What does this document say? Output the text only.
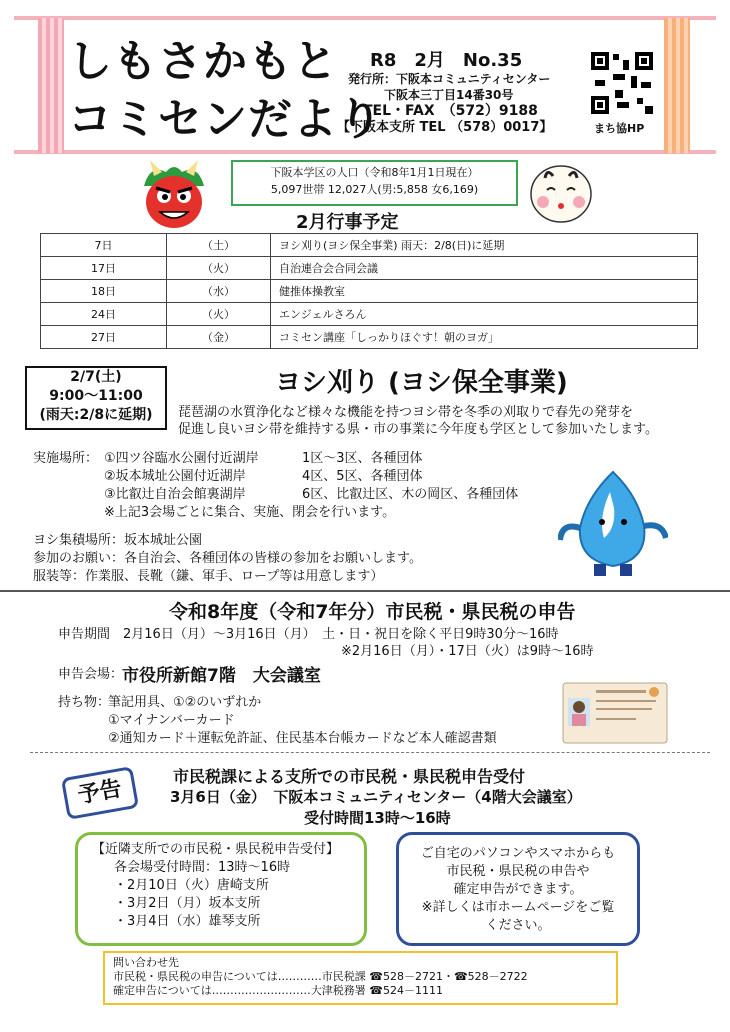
しもさかもと
コミセンだより
R8　2月　No.35
発行所：下阪本コミュニティセンター
下阪本三丁目14番30号
TEL・FAX　（572）9188
【下阪本支所 TEL （578）0017】	まち協HP
下阪本学区の人口（令和8年1月1日現在）
5,097世帯 12,027人(男:5,858 女6,169)
2月行事予定
7日	（土）	ヨシ刈り(ヨシ保全事業) 雨天：2/8(日)に延期
17日	（火）	自治連合会合同会議
18日	（水）	健推体操教室
24日	（火）	エンジェルさろん
27日	（金）	コミセン講座「しっかりほぐす！朝のヨガ」
2/7(土)
9:00～11:00
(雨天:2/8に延期)
ヨシ刈り (ヨシ保全事業)
琵琶湖の水質浄化など様々な機能を持つヨシ帯を冬季の刈取りで春先の発芽を
促進し良いヨシ帯を維持する県・市の事業に今年度も学区として参加いたします。
実施場所： ①四ツ谷臨水公園付近湖岸	1区～3区、各種団体
②坂本城址公園付近湖岸	4区、5区、各種団体
③比叡辻自治会館裏湖岸	6区、比叡辻区、木の岡区、各種団体
※上記3会場ごとに集合、実施、閉会を行います。
ヨシ集積場所：坂本城址公園
参加のお願い：各自治会、各種団体の皆様の参加をお願いします。
服装等：作業服、長靴（鎌、軍手、ロープ等は用意します）
令和8年度（令和7年分）市民税・県民税の申告
申告期間　2月16日（月）～3月16日（月）　土・日・祝日を除く平日9時30分～16時
※2月16日（月）・17日（火）は9時～16時
申告会場：
市役所新館7階　大会議室
持ち物：
筆記用具、①②のいずれか
①マイナンバーカード
②通知カード＋運転免許証、住民基本台帳カードなど本人確認書類
予告	市民税課による支所での市民税・県民税申告受付
3月6日（金）　下阪本コミュニティセンター（4階大会議室）
受付時間13時～16時
【近隣支所での市民税・県民税申告受付】
各会場受付時間：13時～16時
・2月10日（火）唐崎支所
・3月2日（月）坂本支所
・3月4日（水）雄琴支所
ご自宅のパソコンやスマホからも
市民税・県民税の申告や
確定申告ができます。
※詳しくは市ホームページをご覧
ください。
問い合わせ先
市民税・県民税の申告については…………市民税課 ☎528－2721・☎528－2722
確定申告については………………………大津税務署 ☎524－1111
